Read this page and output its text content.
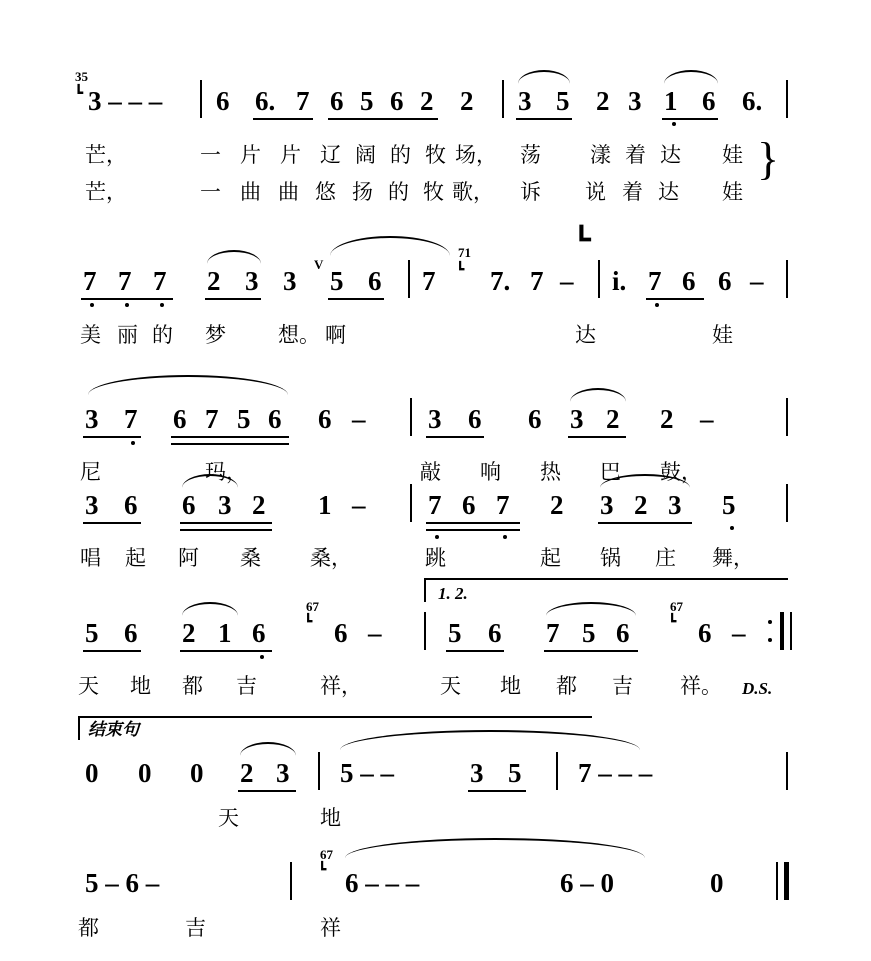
35
┗ 3 – – – 6 6. 7 6 5 6 2 2 3 5 2 3 1 6 6.
芒，	一 片 片 辽 阔 的 牧 场， 荡 漾 着 达 娃
芒，	一 曲 曲 悠 扬 的 牧 歌， 诉 说 着 达 娃
}
7 7 7 2 3 3
V
5 6 7
71
┗ 7. 7 –
𝐋
i. 7 6 6 –
美 丽 的 梦 想。 啊	达	娃
3 7 6 7 5 6 6 – 3 6 6 3 2 2 –
尼	玛，	敲 响 热 巴 鼓，
3 6 6 3 2 1 – 7 6 7 2 3 2 3 5
唱 起 阿 桑 桑，	跳	起 锅 庄 舞，
1. 2.
5 6 2 1 6
67
┗ 6 – 5 6 7 5 6
67
┗ 6 –
天 地 都 吉	祥，	天 地 都 吉 祥。 D.S.
结束句
0 0 0 2 3 5 – –	3 5 7 – – –
天	地
5 – 6 –
67
┗ 6 – – –	6 – 0	0
都	吉	祥
